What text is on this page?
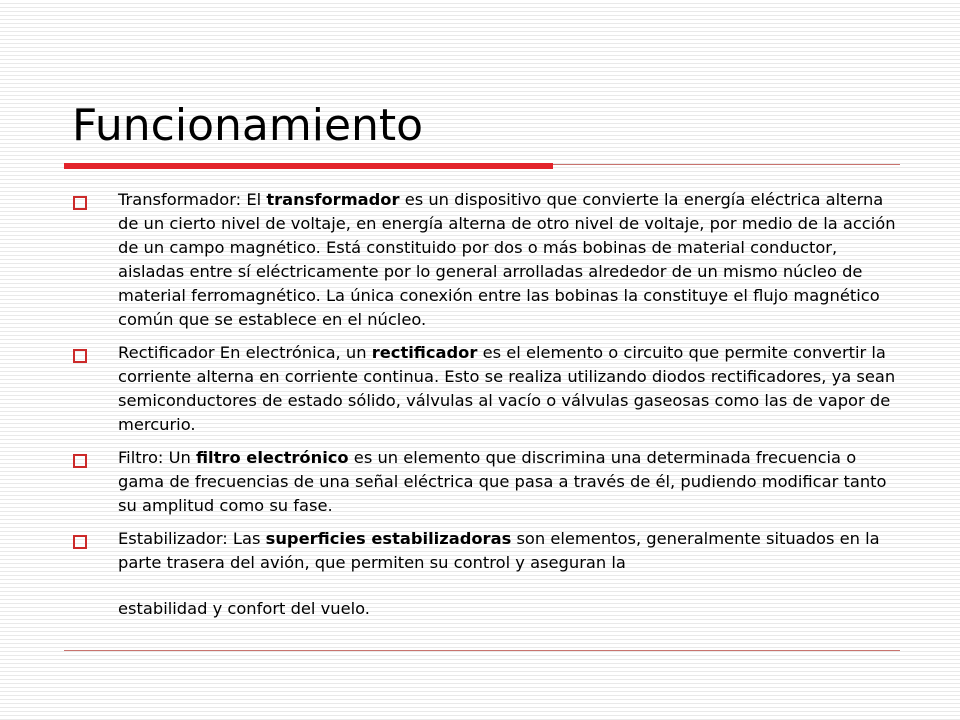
Funcionamiento
Transformador: El transformador es un dispositivo que convierte la energía eléctrica alterna de un cierto nivel de voltaje, en energía alterna de otro nivel de voltaje, por medio de la acción de un campo magnético. Está constituido por dos o más bobinas de material conductor, aisladas entre sí eléctricamente por lo general arrolladas alrededor de un mismo núcleo de material ferromagnético. La única conexión entre las bobinas la constituye el flujo magnético común que se establece en el núcleo.
Rectificador En electrónica, un rectificador es el elemento o circuito que permite convertir la corriente alterna en corriente continua. Esto se realiza utilizando diodos rectificadores, ya sean semiconductores de estado sólido, válvulas al vacío o válvulas gaseosas como las de vapor de mercurio.
Filtro: Un filtro electrónico es un elemento que discrimina una determinada frecuencia o gama de frecuencias de una señal eléctrica que pasa a través de él, pudiendo modificar tanto su amplitud como su fase.
Estabilizador: Las superficies estabilizadoras son elementos, generalmente situados en la parte trasera del avión, que permiten su control y aseguran la
estabilidad y confort del vuelo.
